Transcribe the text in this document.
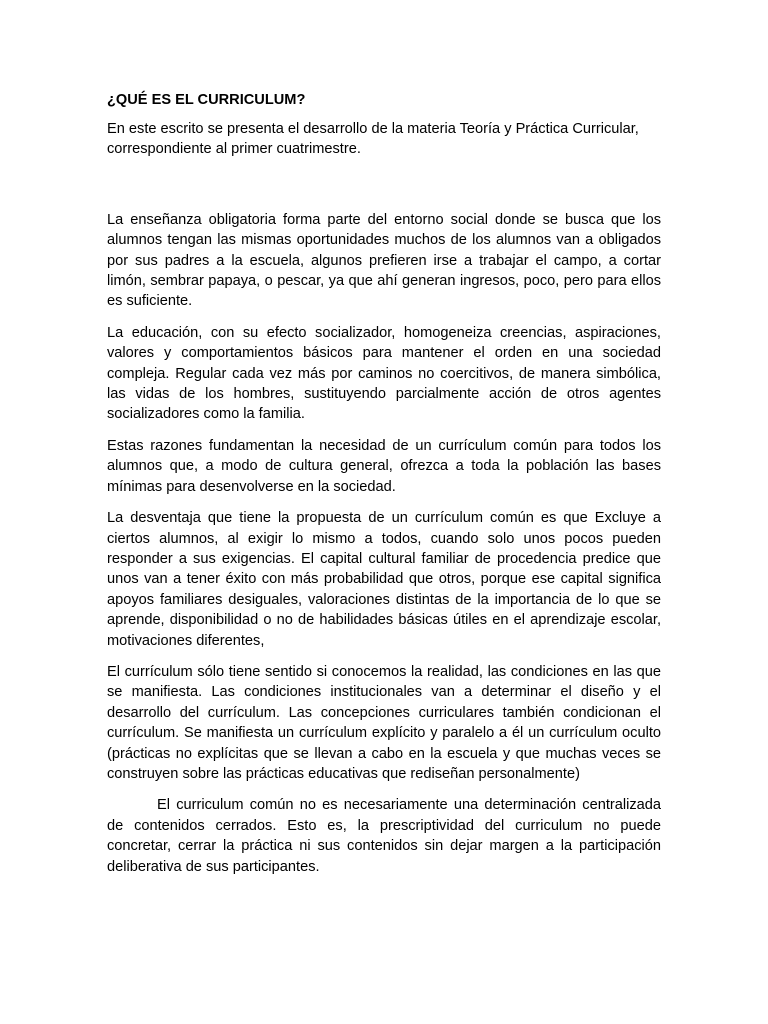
¿QUÉ ES EL CURRICULUM?

En este escrito se presenta el desarrollo de la materia Teoría y Práctica Curricular, correspondiente al primer cuatrimestre.

La enseñanza obligatoria forma parte del entorno social donde se busca que los alumnos tengan las mismas oportunidades muchos de los alumnos van a obligados por sus padres a la escuela, algunos prefieren irse a trabajar el campo, a cortar limón, sembrar papaya, o pescar, ya que ahí generan ingresos, poco, pero para ellos es suficiente.

La educación, con su efecto socializador, homogeneiza creencias, aspiraciones, valores y comportamientos básicos para mantener el orden en una sociedad compleja. Regular cada vez más por caminos no coercitivos, de manera simbólica, las vidas de los hombres, sustituyendo parcialmente acción de otros agentes socializadores como la familia.

Estas razones fundamentan la necesidad de un currículum común para todos los alumnos que, a modo de cultura general, ofrezca a toda la población las bases mínimas para desenvolverse en la sociedad.

La desventaja que tiene la propuesta de un currículum común es que Excluye a ciertos alumnos, al exigir lo mismo a todos, cuando solo unos pocos pueden responder a sus exigencias. El capital cultural familiar de procedencia predice que unos van a tener éxito con más probabilidad que otros, porque ese capital significa apoyos familiares desiguales, valoraciones distintas de la importancia de lo que se aprende, disponibilidad o no de habilidades básicas útiles en el aprendizaje escolar, motivaciones diferentes,

El currículum sólo tiene sentido si conocemos la realidad, las condiciones en las que se manifiesta. Las condiciones institucionales van a determinar el diseño y el desarrollo del currículum. Las concepciones curriculares también condicionan el currículum. Se manifiesta un currículum explícito y paralelo a él un currículum oculto (prácticas no explícitas que se llevan a cabo en la escuela y que muchas veces se construyen sobre las prácticas educativas que rediseñan personalmente)

El curriculum común no es necesariamente una determinación centralizada de contenidos cerrados. Esto es, la prescriptividad del curriculum no puede concretar, cerrar la práctica ni sus contenidos sin dejar margen a la participación deliberativa de sus participantes.
